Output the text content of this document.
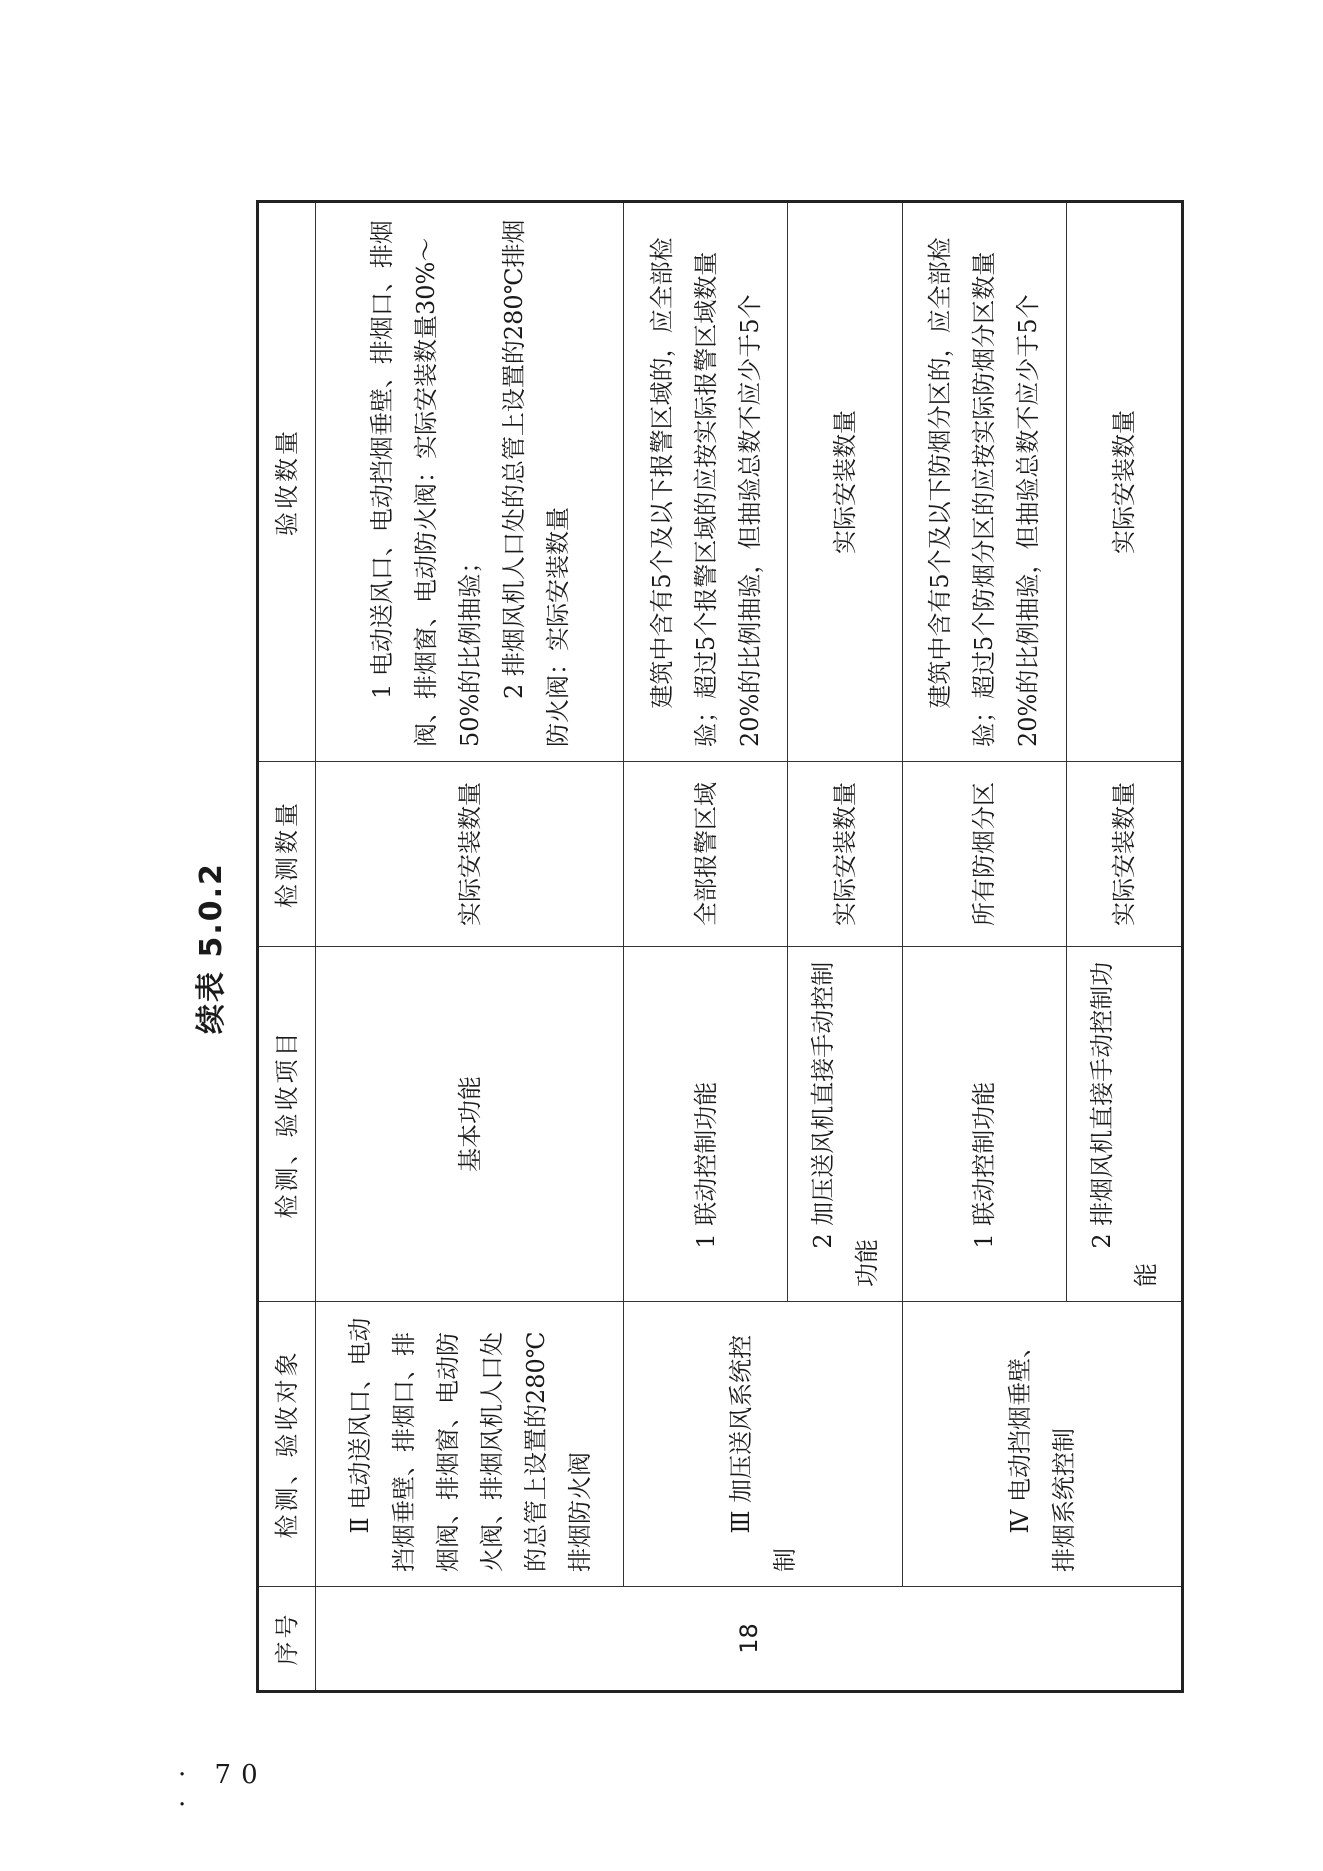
续表 5.0.2
序号	检测、验收对象	检测、验收项目	检测数量	验收数量
18	Ⅱ 电动送风口、电动挡烟垂壁、排烟口、排烟阀、排烟窗、电动防火阀、排烟风机人口处的总管上设置的280℃排烟防火阀	基本功能	实际安装数量	1 电动送风口、电动挡烟垂壁、排烟口、排烟阀、排烟窗、电动防火阀：实际安装数量30%～50%的比例抽验； 2 排烟风机人口处的总管上设置的280℃排烟防火阀：实际安装数量

	Ⅲ 加压送风系统控制	1 联动控制功能	全部报警区域	建筑中含有5个及以下报警区域的，应全部检验；超过5个报警区域的应按实际报警区域数量20%的比例抽验，但抽验总数不应少于5个
		2 加压送风机直接手动控制功能	实际安装数量	实际安装数量
	Ⅳ 电动挡烟垂壁、排烟系统控制	1 联动控制功能	所有防烟分区	建筑中含有5个及以下防烟分区的，应全部检验；超过5个防烟分区的应按实际防烟分区数量20%的比例抽验，但抽验总数不应少于5个
		2 排烟风机直接手动控制功能	实际安装数量	实际安装数量
· 70 ·
